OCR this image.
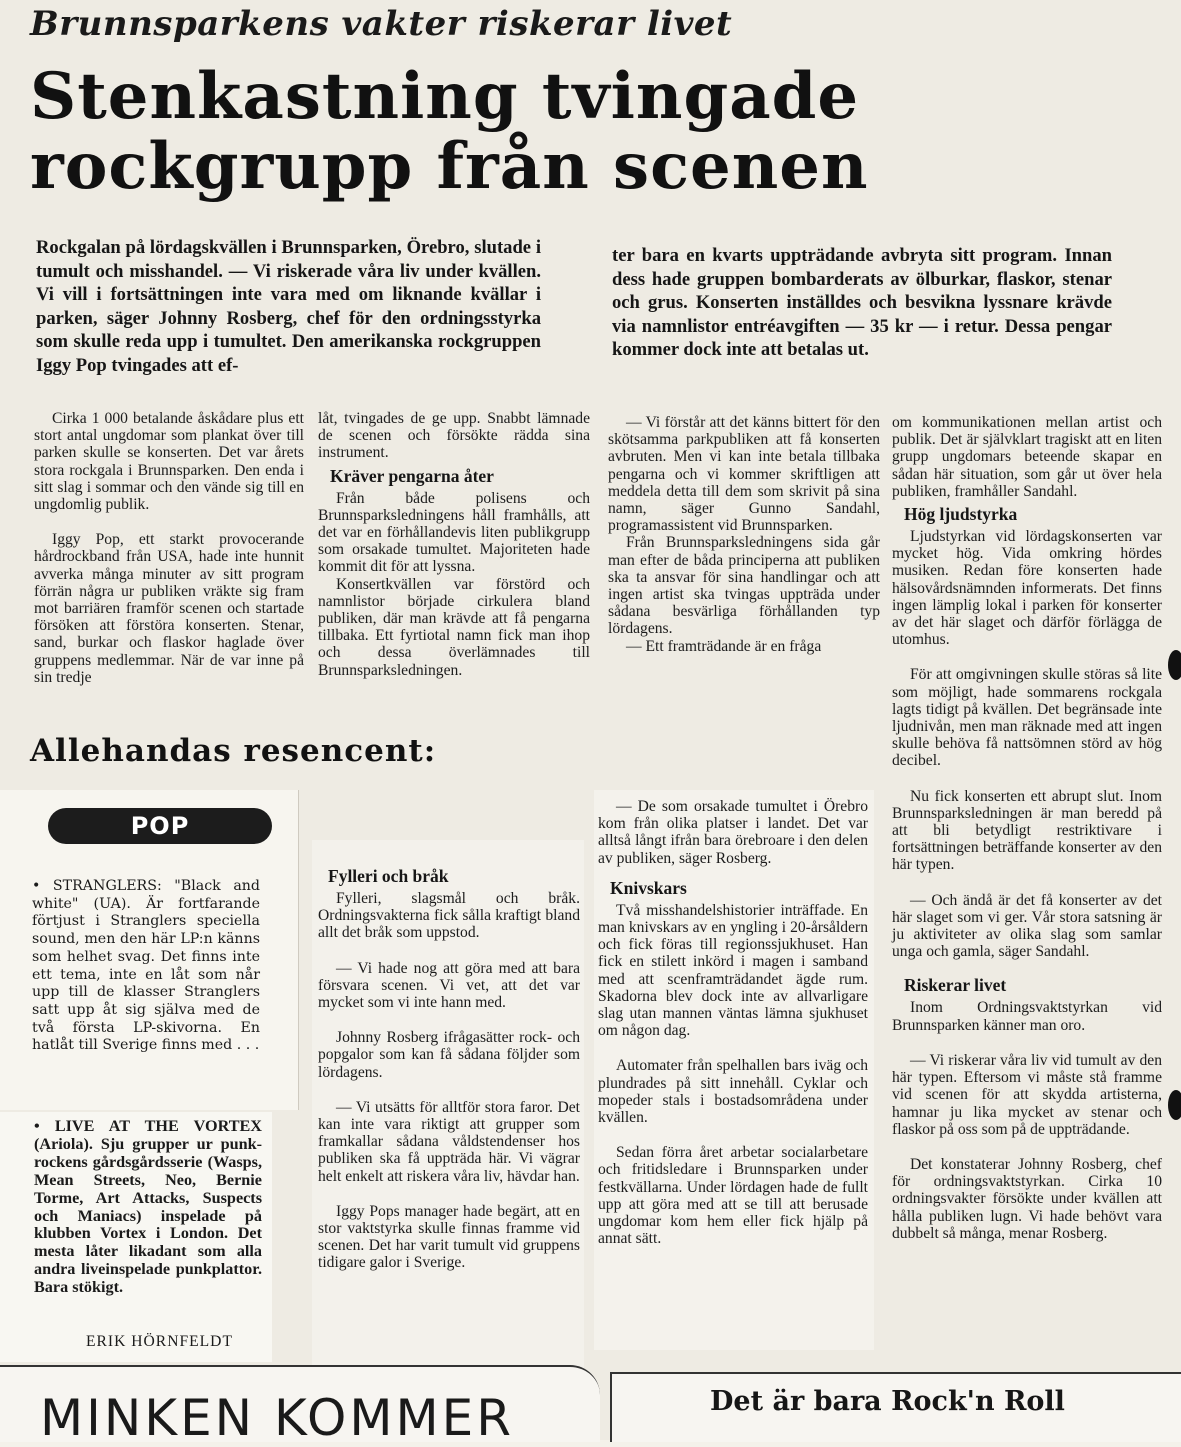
Brunnsparkens vakter riskerar livet
Stenkastning tvingade
rockgrupp från scenen
Rockgalan på lördagskvällen i Brunnsparken, Örebro, slutade i tumult och misshandel. — Vi riskerade våra liv under kvällen. Vi vill i fortsättningen inte vara med om liknande kvällar i parken, säger Johnny Rosberg, chef för den ordningsstyrka som skulle reda upp i tumultet. Den amerikanska rockgruppen Iggy Pop tvingades att ef-
ter bara en kvarts uppträdande avbryta sitt program. Innan dess hade gruppen bombarderats av ölburkar, flaskor, stenar och grus. Konserten inställdes och besvikna lyssnare krävde via namnlistor entréavgiften — 35 kr — i retur. Dessa pengar kommer dock inte att betalas ut.

Cirka 1 000 betalande åskådare plus ett stort antal ungdomar som plankat över till parken skulle se konserten. Det var årets stora rockgala i Brunnsparken. Den enda i sitt slag i sommar och den vände sig till en ungdomlig publik.

Iggy Pop, ett starkt provocerande hårdrockband från USA, hade inte hunnit avverka många minuter av sitt program förrän några ur publiken vräkte sig fram mot barriären framför scenen och startade försöken att förstöra konserten. Stenar, sand, burkar och flaskor haglade över gruppens medlemmar. När de var inne på sin tredje

låt, tvingades de ge upp. Snabbt lämnade de scenen och försökte rädda sina instrument.

Kräver pengarna åter

Från både polisens och Brunnsparksledningens håll framhålls, att det var en förhållandevis liten publikgrupp som orsakade tumultet. Majoriteten hade kommit dit för att lyssna.

Konsertkvällen var förstörd och namnlistor började cirkulera bland publiken, där man krävde att få pengarna tillbaka. Ett fyrtiotal namn fick man ihop och dessa överlämnades till Brunnsparksledningen.

— Vi förstår att det känns bittert för den skötsamma parkpubliken att få konserten avbruten. Men vi kan inte betala tillbaka pengarna och vi kommer skriftligen att meddela detta till dem som skrivit på sina namn, säger Gunno Sandahl, programassistent vid Brunnsparken.

Från Brunnsparksledningens sida går man efter de båda principerna att publiken ska ta ansvar för sina handlingar och att ingen artist ska tvingas uppträda under sådana besvärliga förhållanden typ lördagens.

— Ett framträdande är en fråga

om kommunikationen mellan artist och publik. Det är självklart tragiskt att en liten grupp ungdomars beteende skapar en sådan här situation, som går ut över hela publiken, framhåller Sandahl.

Hög ljudstyrka

Ljudstyrkan vid lördagskonserten var mycket hög. Vida omkring hördes musiken. Redan före konserten hade hälsovårdsnämnden informerats. Det finns ingen lämplig lokal i parken för konserter av det här slaget och därför förlägga de utomhus.

För att omgivningen skulle störas så lite som möjligt, hade sommarens rockgala lagts tidigt på kvällen. Det begränsade inte ljudnivån, men man räknade med att ingen skulle behöva få nattsömnen störd av hög decibel.

Nu fick konserten ett abrupt slut. Inom Brunnsparksledningen är man beredd på att bli betydligt restriktivare i fortsättningen beträffande konserter av den här typen.

— Och ändå är det få konserter av det här slaget som vi ger. Vår stora satsning är ju aktiviteter av olika slag som samlar unga och gamla, säger Sandahl.

Riskerar livet

Inom Ordningsvaktstyrkan vid Brunnsparken känner man oro.

— Vi riskerar våra liv vid tumult av den här typen. Eftersom vi måste stå framme vid scenen för att skydda artisterna, hamnar ju lika mycket av stenar och flaskor på oss som på de uppträdande.

Det konstaterar Johnny Rosberg, chef för ordningsvaktstyrkan. Cirka 10 ordningsvakter försökte under kvällen att hålla publiken lugn. Vi hade behövt vara dubbelt så många, menar Rosberg.

Allehandas resencent:
POP
• STRANGLERS: "Black and white" (UA). Är fortfarande förtjust i Stranglers speciella sound, men den här LP:n känns som helhet svag. Det finns inte ett tema, inte en låt som når upp till de klasser Stranglers satt upp åt sig själva med de två första LP-skivorna. En hatlåt till Sverige finns med . . .
• LIVE AT THE VORTEX (Ariola). Sju grupper ur punk-rockens gårdsgårdsserie (Wasps, Mean Streets, Neo, Bernie Torme, Art Attacks, Suspects och Maniacs) inspelade på klubben Vortex i London. Det mesta låter likadant som alla andra liveinspelade punkplattor. Bara stökigt.
ERIK HÖRNFELDT
Fylleri och bråk

Fylleri, slagsmål och bråk. Ordningsvakterna fick sålla kraftigt bland allt det bråk som uppstod.

— Vi hade nog att göra med att bara försvara scenen. Vi vet, att det var mycket som vi inte hann med.

Johnny Rosberg ifrågasätter rock- och popgalor som kan få sådana följder som lördagens.

— Vi utsätts för alltför stora faror. Det kan inte vara riktigt att grupper som framkallar sådana våldstendenser hos publiken ska få uppträda här. Vi vägrar helt enkelt att riskera våra liv, hävdar han.

Iggy Pops manager hade begärt, att en stor vaktstyrka skulle finnas framme vid scenen. Det har varit tumult vid gruppens tidigare galor i Sverige.

— De som orsakade tumultet i Örebro kom från olika platser i landet. Det var alltså långt ifrån bara örebroare i den delen av publiken, säger Rosberg.

Knivskars

Två misshandelshistorier inträffade. En man knivskars av en yngling i 20-årsåldern och fick föras till regionssjukhuset. Han fick en stilett inkörd i magen i samband med att scenframträdandet ägde rum. Skadorna blev dock inte av allvarligare slag utan mannen väntas lämna sjukhuset om någon dag.

Automater från spelhallen bars iväg och plundrades på sitt innehåll. Cyklar och mopeder stals i bostadsområdena under kvällen.

Sedan förra året arbetar socialarbetare och fritidsledare i Brunnsparken under festkvällarna. Under lördagen hade de fullt upp att göra med att se till att berusade ungdomar kom hem eller fick hjälp på annat sätt.

MINKEN KOMMER	Det är bara Rock'n Roll
